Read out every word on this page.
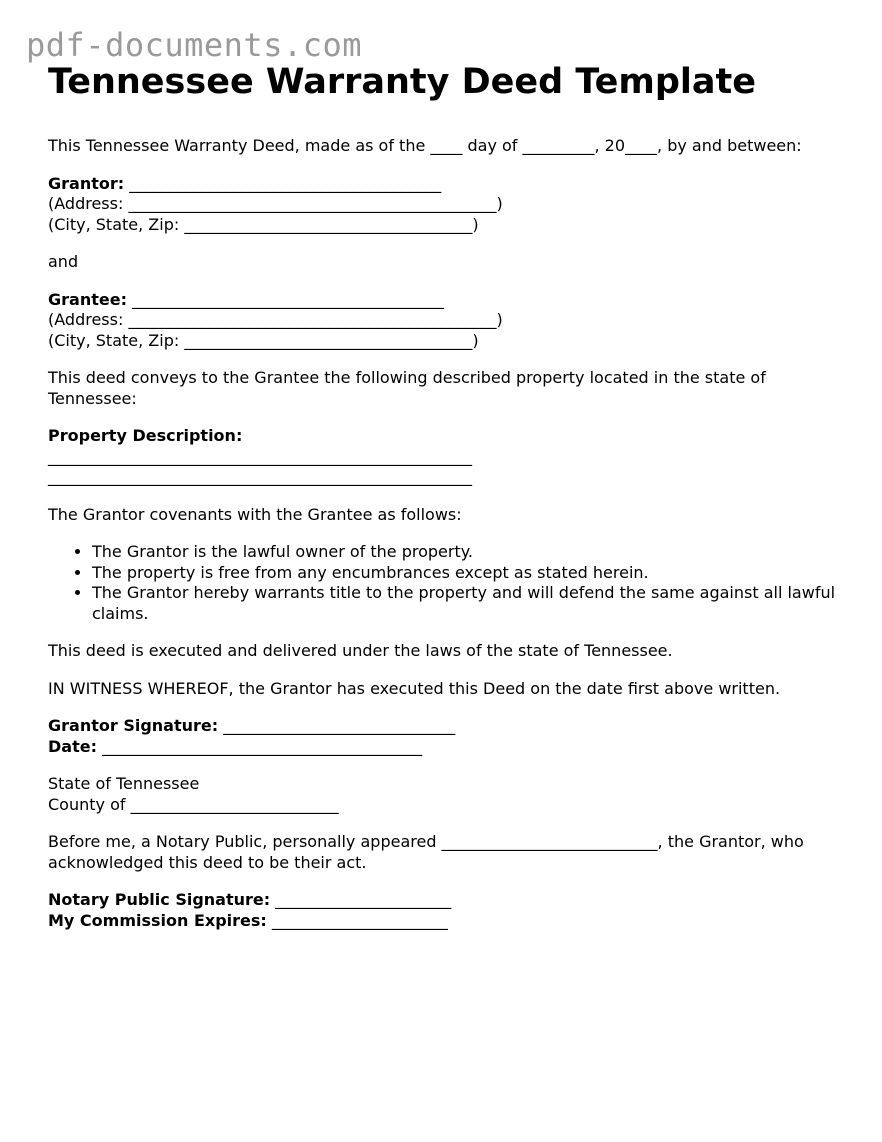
pdf-documents.com
Tennessee Warranty Deed Template

This Tennessee Warranty Deed, made as of the ____ day of _________, 20____, by and between:

Grantor: _______________________________________
(Address: ______________________________________________)
(City, State, Zip: ____________________________________)

and

Grantee: _______________________________________
(Address: ______________________________________________)
(City, State, Zip: ____________________________________)

This deed conveys to the Grantee the following described property located in the state of Tennessee:

Property Description:
_____________________________________________________
_____________________________________________________

The Grantor covenants with the Grantee as follows:

• The Grantor is the lawful owner of the property.
• The property is free from any encumbrances except as stated herein.
• The Grantor hereby warrants title to the property and will defend the same against all lawful claims.

This deed is executed and delivered under the laws of the state of Tennessee.

IN WITNESS WHEREOF, the Grantor has executed this Deed on the date first above written.

Grantor Signature: _____________________________
Date: ________________________________________
State of Tennessee
County of __________________________

Before me, a Notary Public, personally appeared ___________________________, the Grantor, who acknowledged this deed to be their act.

Notary Public Signature: ______________________
My Commission Expires: ______________________
